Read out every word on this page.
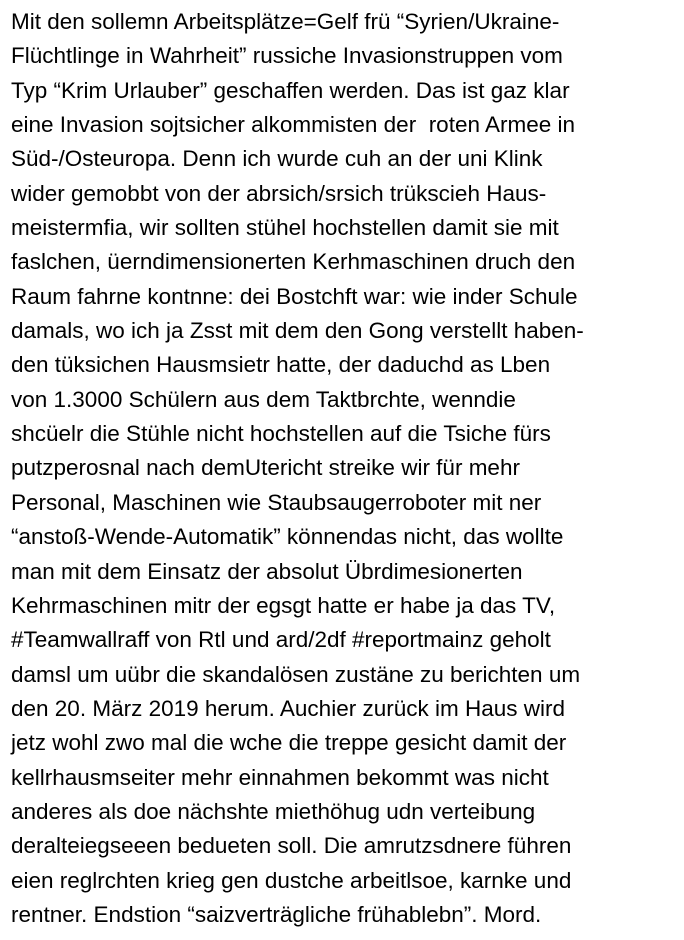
Mit den sollemn Arbeitsplätze=Gelf frü “Syrien/Ukraine-
Flüchtlinge in Wahrheit” russiche Invasionstruppen vom
Typ “Krim Urlauber” geschaffen werden. Das ist gaz klar
eine Invasion sojtsicher alkommisten der  roten Armee in
Süd-/Osteuropa. Denn ich wurde cuh an der uni Klink
wider gemobbt von der abrsich/srsich trükscieh Haus-
meistermfia, wir sollten stühel hochstellen damit sie mit
faslchen, üerndimensionerten Kerhmaschinen druch den
Raum fahrne kontnne: dei Bostchft war: wie inder Schule
damals, wo ich ja Zsst mit dem den Gong verstellt haben-
den tüksichen Hausmsietr hatte, der daduchd as Lben
von 1.3000 Schülern aus dem Taktbrchte, wenndie
shcüelr die Stühle nicht hochstellen auf die Tsiche fürs
putzperosnal nach demUtericht streike wir für mehr
Personal, Maschinen wie Staubsaugerroboter mit ner
“anstoß-Wende-Automatik” könnendas nicht, das wollte
man mit dem Einsatz der absolut Übrdimesionerten
Kehrmaschinen mitr der egsgt hatte er habe ja das TV,
#Teamwallraff von Rtl und ard/2df #reportmainz geholt
damsl um uübr die skandalösen zustäne zu berichten um
den 20. März 2019 herum. Auchier zurück im Haus wird
jetz wohl zwo mal die wche die treppe gesicht damit der
kellrhausmseiter mehr einnahmen bekommt was nicht
anderes als doe nächshte miethöhug udn verteibung
deralteiegseeen bedueten soll. Die amrutzsdnere führen
eien reglrchten krieg gen dustche arbeitlsoe, karnke und
rentner. Endstion “saizverträgliche frühablebn”. Mord.
